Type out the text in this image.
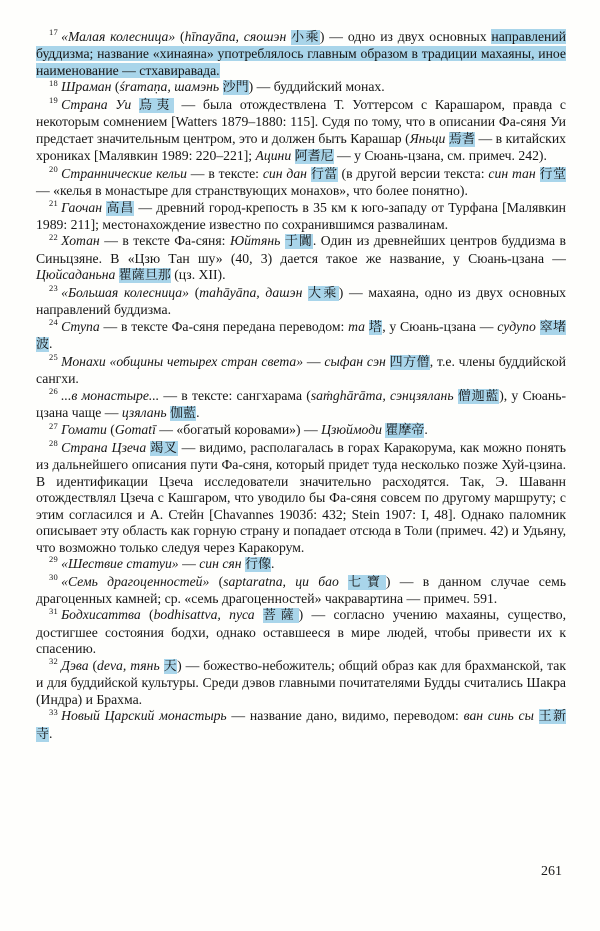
$^{17}$ «Малая колесница» (hīnayāna, сяошэн 小乘) — одно из двух основных направлений буддизма; название «хинаяна» употреблялось главным образом в традиции махаяны, иное наименование — стхавиравада.

$^{18}$ Шраман (śramaṇa, шамэнь 沙門) — буддийский монах.

$^{19}$ Страна Уи 烏夷 — была отождествлена Т. Уоттерсом с Карашаром, правда с некоторым сомнением [Watters 1879–1880: 115]. Судя по тому, что в описании Фа-сяня Уи предстает значительным центром, это и должен быть Карашар (Яньци 焉耆 — в китайских хрониках [Малявкин 1989: 220–221]; Ацини 阿耆尼 — у Сюань-цзана, см. примеч. 242).

$^{20}$ Страннические кельи — в тексте: син дан 行當 (в другой версии текста: син тан 行堂 — «келья в монастыре для странствующих монахов», что более понятно).

$^{21}$ Гаочан 高昌 — древний город-крепость в 35 км к юго-западу от Турфана [Малявкин 1989: 211]; местонахождение известно по сохранившимся развалинам.

$^{22}$ Хотан — в тексте Фа-сяня: Юйтянь 于闐. Один из древнейших центров буддизма в Синьцзяне. В «Цзю Тан шу» (40, 3) дается такое же название, у Сюань-цзана — Цюйсаданьна 瞿薩旦那 (цз. XII).

$^{23}$ «Большая колесница» (mahāyāna, дашэн 大乘) — махаяна, одно из двух основных направлений буддизма.

$^{24}$ Ступа — в тексте Фа-сяня передана переводом: та 塔, у Сюань-цзана — судупо 窣堵波.

$^{25}$ Монахи «общины четырех стран света» — сыфан сэн 四方僧, т.е. члены буддийской сангхи.

$^{26}$ ...в монастыре... — в тексте: сангхарама (saṁghārāma, сэнцзялань 僧迦藍), у Сюань-цзана чаще — цзялань 伽藍.

$^{27}$ Гомати (Gomatī — «богатый коровами») — Цзюймоди 瞿摩帝.

$^{28}$ Страна Цзеча 竭叉 — видимо, располагалась в горах Каракорума, как можно понять из дальнейшего описания пути Фа-сяня, который придет туда несколько позже Хуй-цзина. В идентификации Цзеча исследователи значительно расходятся. Так, Э. Шаванн отождествлял Цзеча с Кашгаром, что уводило бы Фа-сяня совсем по другому маршруту; с этим согласился и А. Стейн [Chavannes 1903б: 432; Stein 1907: I, 48]. Однако паломник описывает эту область как горную страну и попадает отсюда в Толи (примеч. 42) и Удьяну, что возможно только следуя через Каракорум.

$^{29}$ «Шествие статуи» — син сян 行像.

$^{30}$ «Семь драгоценностей» (saptaratna, ци бао 七寶) — в данном случае семь драгоценных камней; ср. «семь драгоценностей» чакравартина — примеч. 591.

$^{31}$ Бодхисаттва (bodhisattva, пуса 菩薩) — согласно учению махаяны, существо, достигшее состояния бодхи, однако оставшееся в мире людей, чтобы привести их к спасению.

$^{32}$ Дэва (deva, тянь 天) — божество-небожитель; общий образ как для брахманской, так и для буддийской культуры. Среди дэвов главными почитателями Будды считались Шакра (Индра) и Брахма.

$^{33}$ Новый Царский монастырь — название дано, видимо, переводом: ван синь сы 王新寺.

261
